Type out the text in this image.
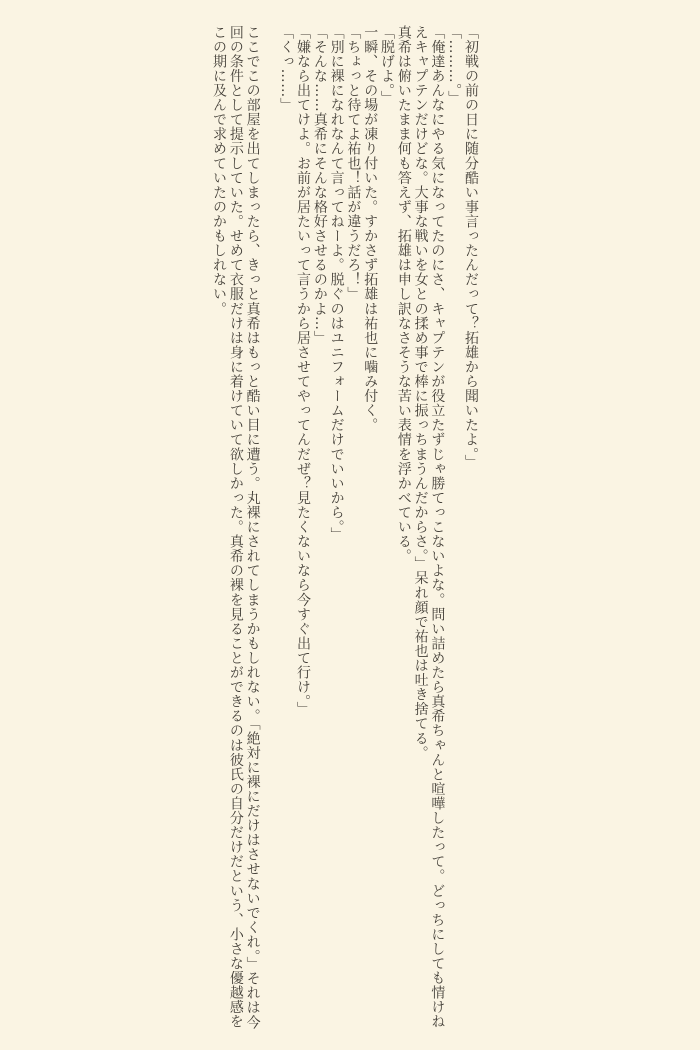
「初戦の前の日に随分酷い事言ったんだって？拓雄から聞いたよ。」

「………。」

「俺達あんなにやる気になってたのにさ、キャプテンが役立たずじゃ勝てっこないよな。問い詰めたら真希ちゃんと喧嘩したって。どっちにしても情けねえキャプテンだけどな。大事な戦いを女との揉め事で棒に振っちまうんだからさ。」呆れ顔で祐也は吐き捨てる。

真希は俯いたまま何も答えず、拓雄は申し訳なさそうな苦い表情を浮かべている。

「脱げよ。」

一瞬、その場が凍り付いた。すかさず拓雄は祐也に噛み付く。

「ちょっと待てよ祐也！話が違うだろ！」

「別に裸になれなんて言ってねーよ。脱ぐのはユニフォームだけでいいから。」

「そんな……真希にそんな格好させるのかよ…」

「嫌なら出てけよ。お前が居たいって言うから居させてやってんだぜ？見たくないなら今すぐ出て行け。」

「くっ……」

ここでこの部屋を出てしまったら、きっと真希はもっと酷い目に遭う。丸裸にされてしまうかもしれない。「絶対に裸にだけはさせないでくれ。」それは今回の条件として提示していた。せめて衣服だけは身に着けていて欲しかった。真希の裸を見ることができるのは彼氏の自分だけだという、小さな優越感をこの期に及んで求めていたのかもしれない。
